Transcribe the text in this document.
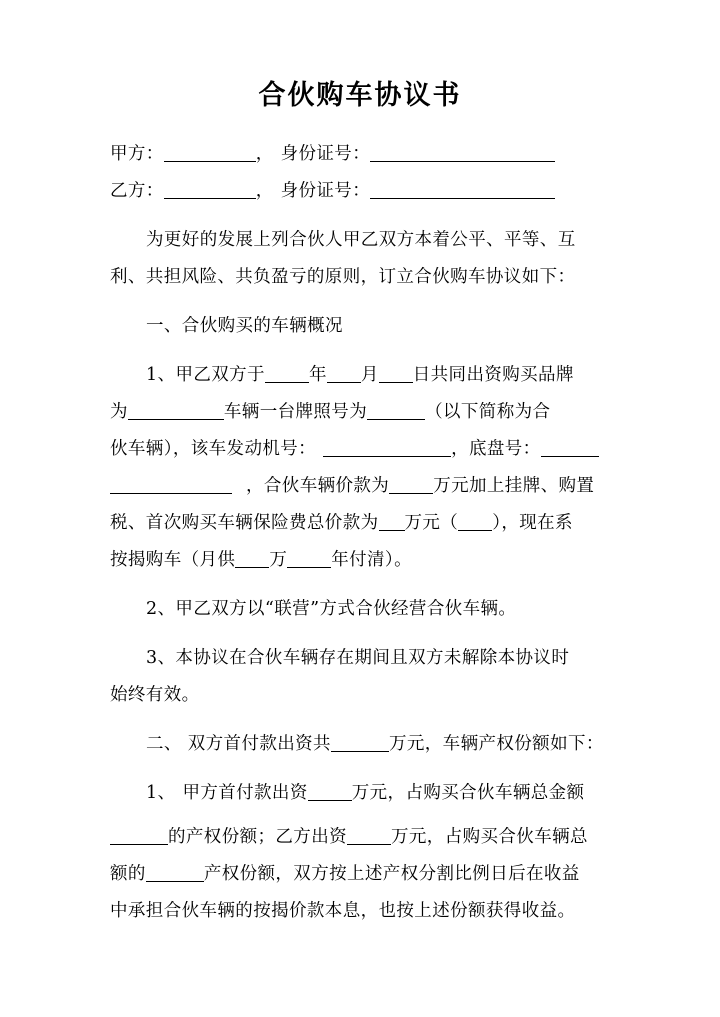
合伙购车协议书
甲方：	， 身份证号：
乙方：	， 身份证号：
为更好的发展上列合伙人甲乙双方本着公平、平等、互
利、共担风险、共负盈亏的原则，订立合伙购车协议如下：
一、合伙购买的车辆概况
1、甲乙双方于	年 月 日共同出资购买品牌
为	车辆一台牌照号为	（以下简称为合
伙车辆），该车发动机号：	，底盘号：
，合伙车辆价款为	万元加上挂牌、购置
税、首次购买车辆保险费总价款为 万元（ ），现在系
按揭购车（月供 万	年付清）。
2、甲乙双方以“联营”方式合伙经营合伙车辆。
3、本协议在合伙车辆存在期间且双方未解除本协议时
始终有效。
二、 双方首付款出资共	万元，车辆产权份额如下：
1、 甲方首付款出资	万元，占购买合伙车辆总金额
的产权份额；乙方出资	万元，占购买合伙车辆总
额的	产权份额，双方按上述产权分割比例日后在收益
中承担合伙车辆的按揭价款本息，也按上述份额获得收益。
